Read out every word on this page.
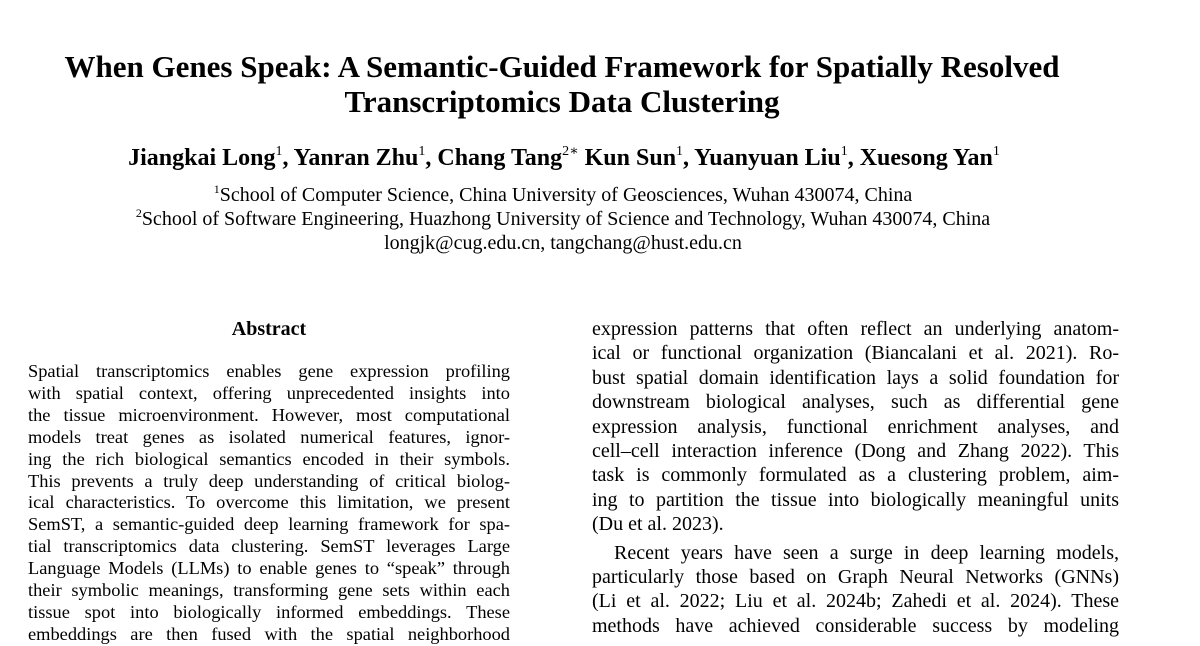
When Genes Speak: A Semantic-Guided Framework for Spatially Resolved
Transcriptomics Data Clustering
Jiangkai Long$^1$, Yanran Zhu$^1$, Chang Tang$^{2∗}$ Kun Sun$^1$, Yuanyuan Liu$^1$, Xuesong Yan$^1$
$^1$School of Computer Science, China University of Geosciences, Wuhan 430074, China
$^2$School of Software Engineering, Huazhong University of Science and Technology, Wuhan 430074, China
longjk@cug.edu.cn, tangchang@hust.edu.cn
Abstract
Spatial transcriptomics enables gene expression profiling
with spatial context, offering unprecedented insights into
the tissue microenvironment. However, most computational
models treat genes as isolated numerical features, ignor-
ing the rich biological semantics encoded in their symbols.
This prevents a truly deep understanding of critical biolog-
ical characteristics. To overcome this limitation, we present
SemST, a semantic-guided deep learning framework for spa-
tial transcriptomics data clustering. SemST leverages Large
Language Models (LLMs) to enable genes to “speak” through
their symbolic meanings, transforming gene sets within each
tissue spot into biologically informed embeddings. These
embeddings are then fused with the spatial neighborhood
expression patterns that often reflect an underlying anatom-
ical or functional organization (Biancalani et al. 2021). Ro-
bust spatial domain identification lays a solid foundation for
downstream biological analyses, such as differential gene
expression analysis, functional enrichment analyses, and
cell–cell interaction inference (Dong and Zhang 2022). This
task is commonly formulated as a clustering problem, aim-
ing to partition the tissue into biologically meaningful units
(Du et al. 2023).
Recent years have seen a surge in deep learning models,
particularly those based on Graph Neural Networks (GNNs)
(Li et al. 2022; Liu et al. 2024b; Zahedi et al. 2024). These
methods have achieved considerable success by modeling
